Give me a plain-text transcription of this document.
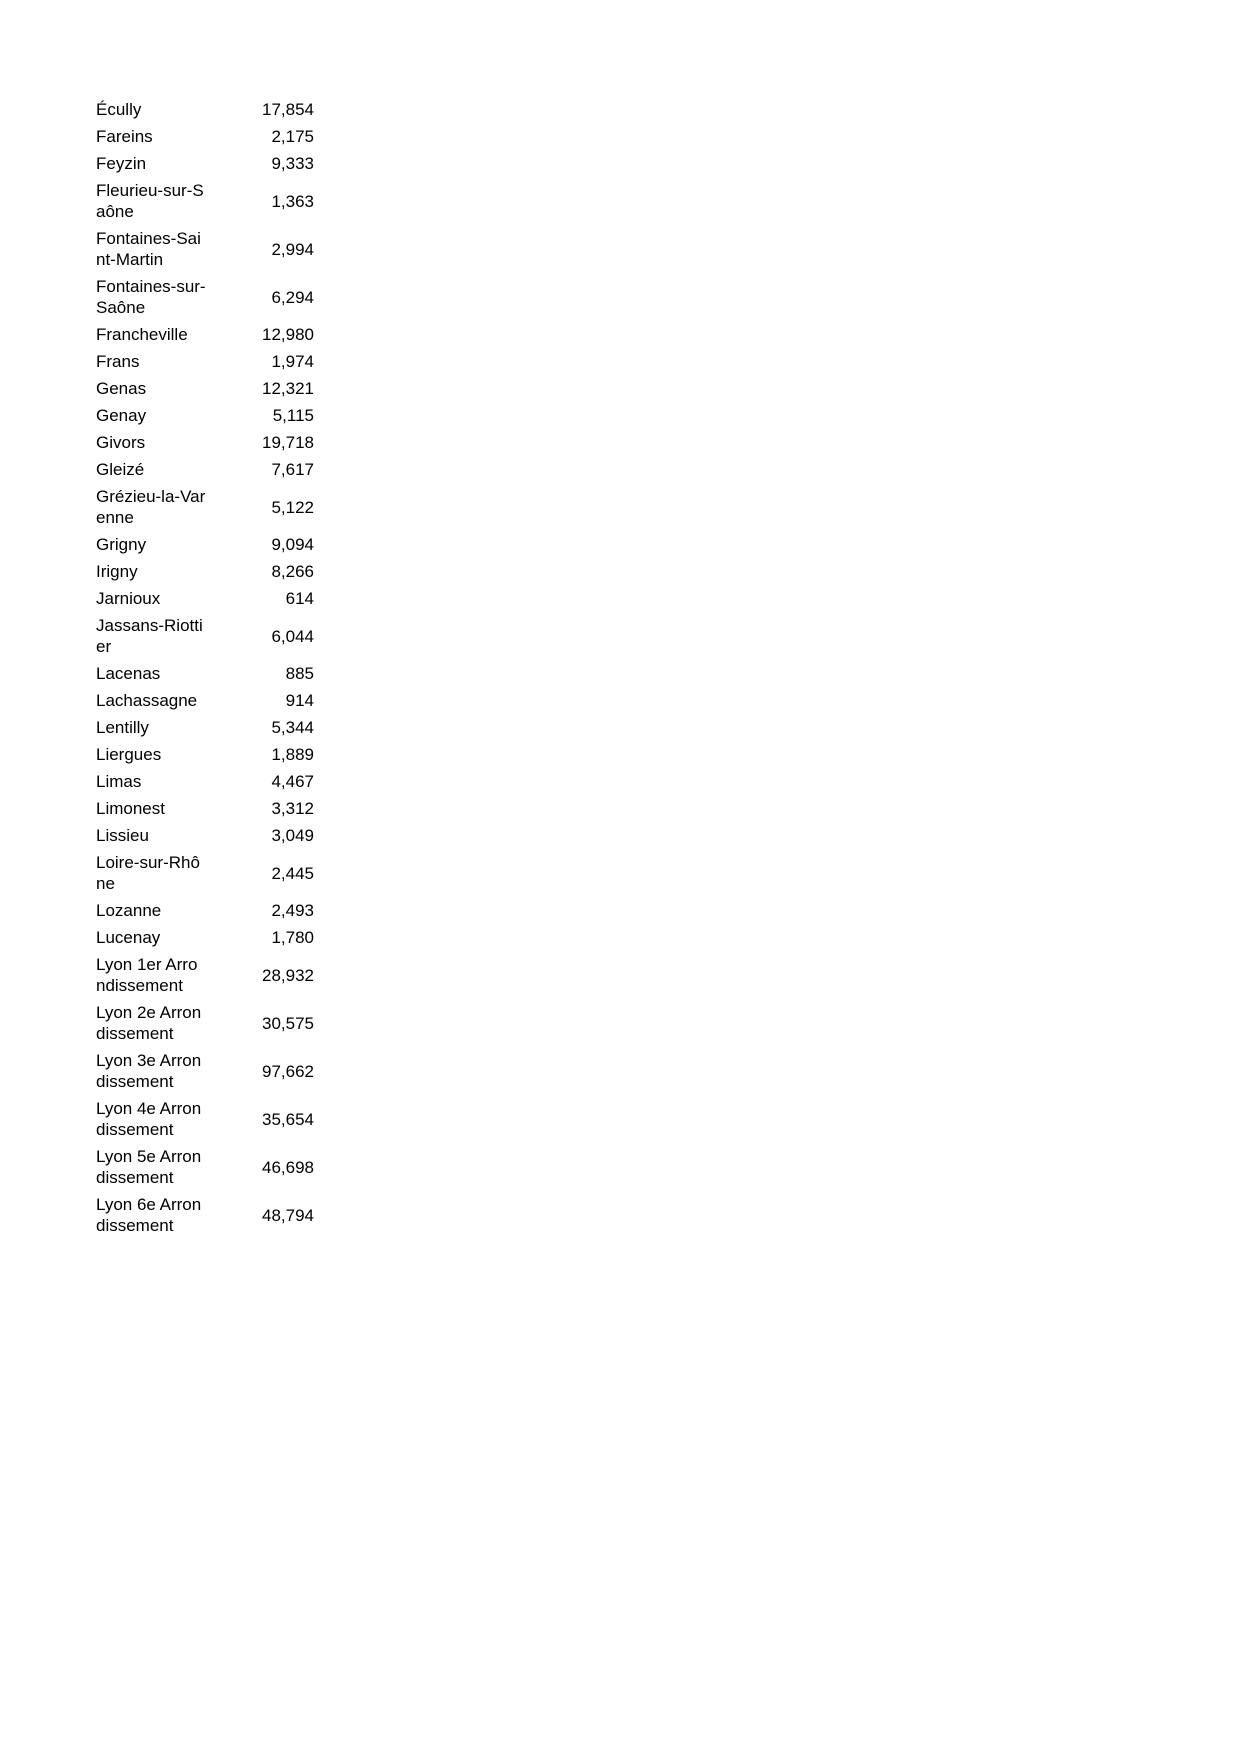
Écully	17,854
Fareins	2,175
Feyzin	9,333
Fleurieu-sur-Saône	1,363
Fontaines-Saint-Martin	2,994
Fontaines-sur-Saône	6,294
Francheville	12,980
Frans	1,974
Genas	12,321
Genay	5,115
Givors	19,718
Gleizé	7,617
Grézieu-la-Varenne	5,122
Grigny	9,094
Irigny	8,266
Jarnioux	614
Jassans-Riottier	6,044
Lacenas	885
Lachassagne	914
Lentilly	5,344
Liergues	1,889
Limas	4,467
Limonest	3,312
Lissieu	3,049
Loire-sur-Rhône	2,445
Lozanne	2,493
Lucenay	1,780
Lyon 1er Arrondissement	28,932
Lyon 2e Arrondissement	30,575
Lyon 3e Arrondissement	97,662
Lyon 4e Arrondissement	35,654
Lyon 5e Arrondissement	46,698
Lyon 6e Arrondissement	48,794
